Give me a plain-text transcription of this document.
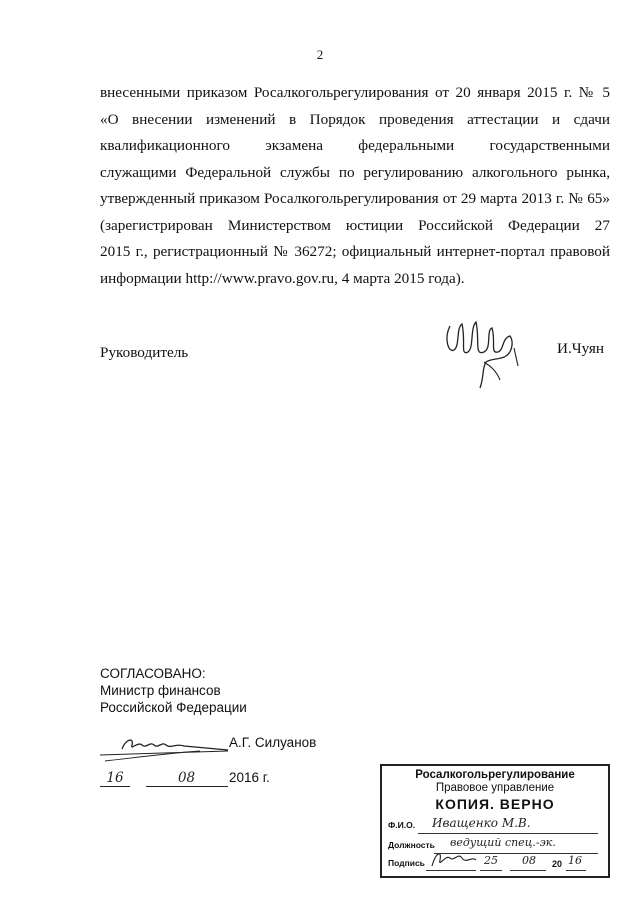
2
внесенными приказом Росалкогольрегулирования от 20 января 2015 г. № 5
«О внесении изменений в Порядок проведения аттестации и сдачи
квалификационного экзамена федеральными государственными
служащими Федеральной службы по регулированию алкогольного рынка,
утвержденный приказом Росалкогольрегулирования от 29 марта 2013 г. № 65»
(зарегистрирован Министерством юстиции Российской Федерации 27
2015 г., регистрационный № 36272; официальный интернет-портал правовой
информации http://www.pravo.gov.ru, 4 марта 2015 года).
Руководитель	И.Чуян
СОГЛАСОВАНО:
Министр финансов
Российской Федерации
А.Г. Силуанов
16	08	2016 г.	Росалкогольрегулирование
Правовое управление
КОПИЯ. ВЕРНО
Ф.И.О. Иващенко М.В.
Должность ведущий спец.-эк.
Подпись	25 08 20 16
